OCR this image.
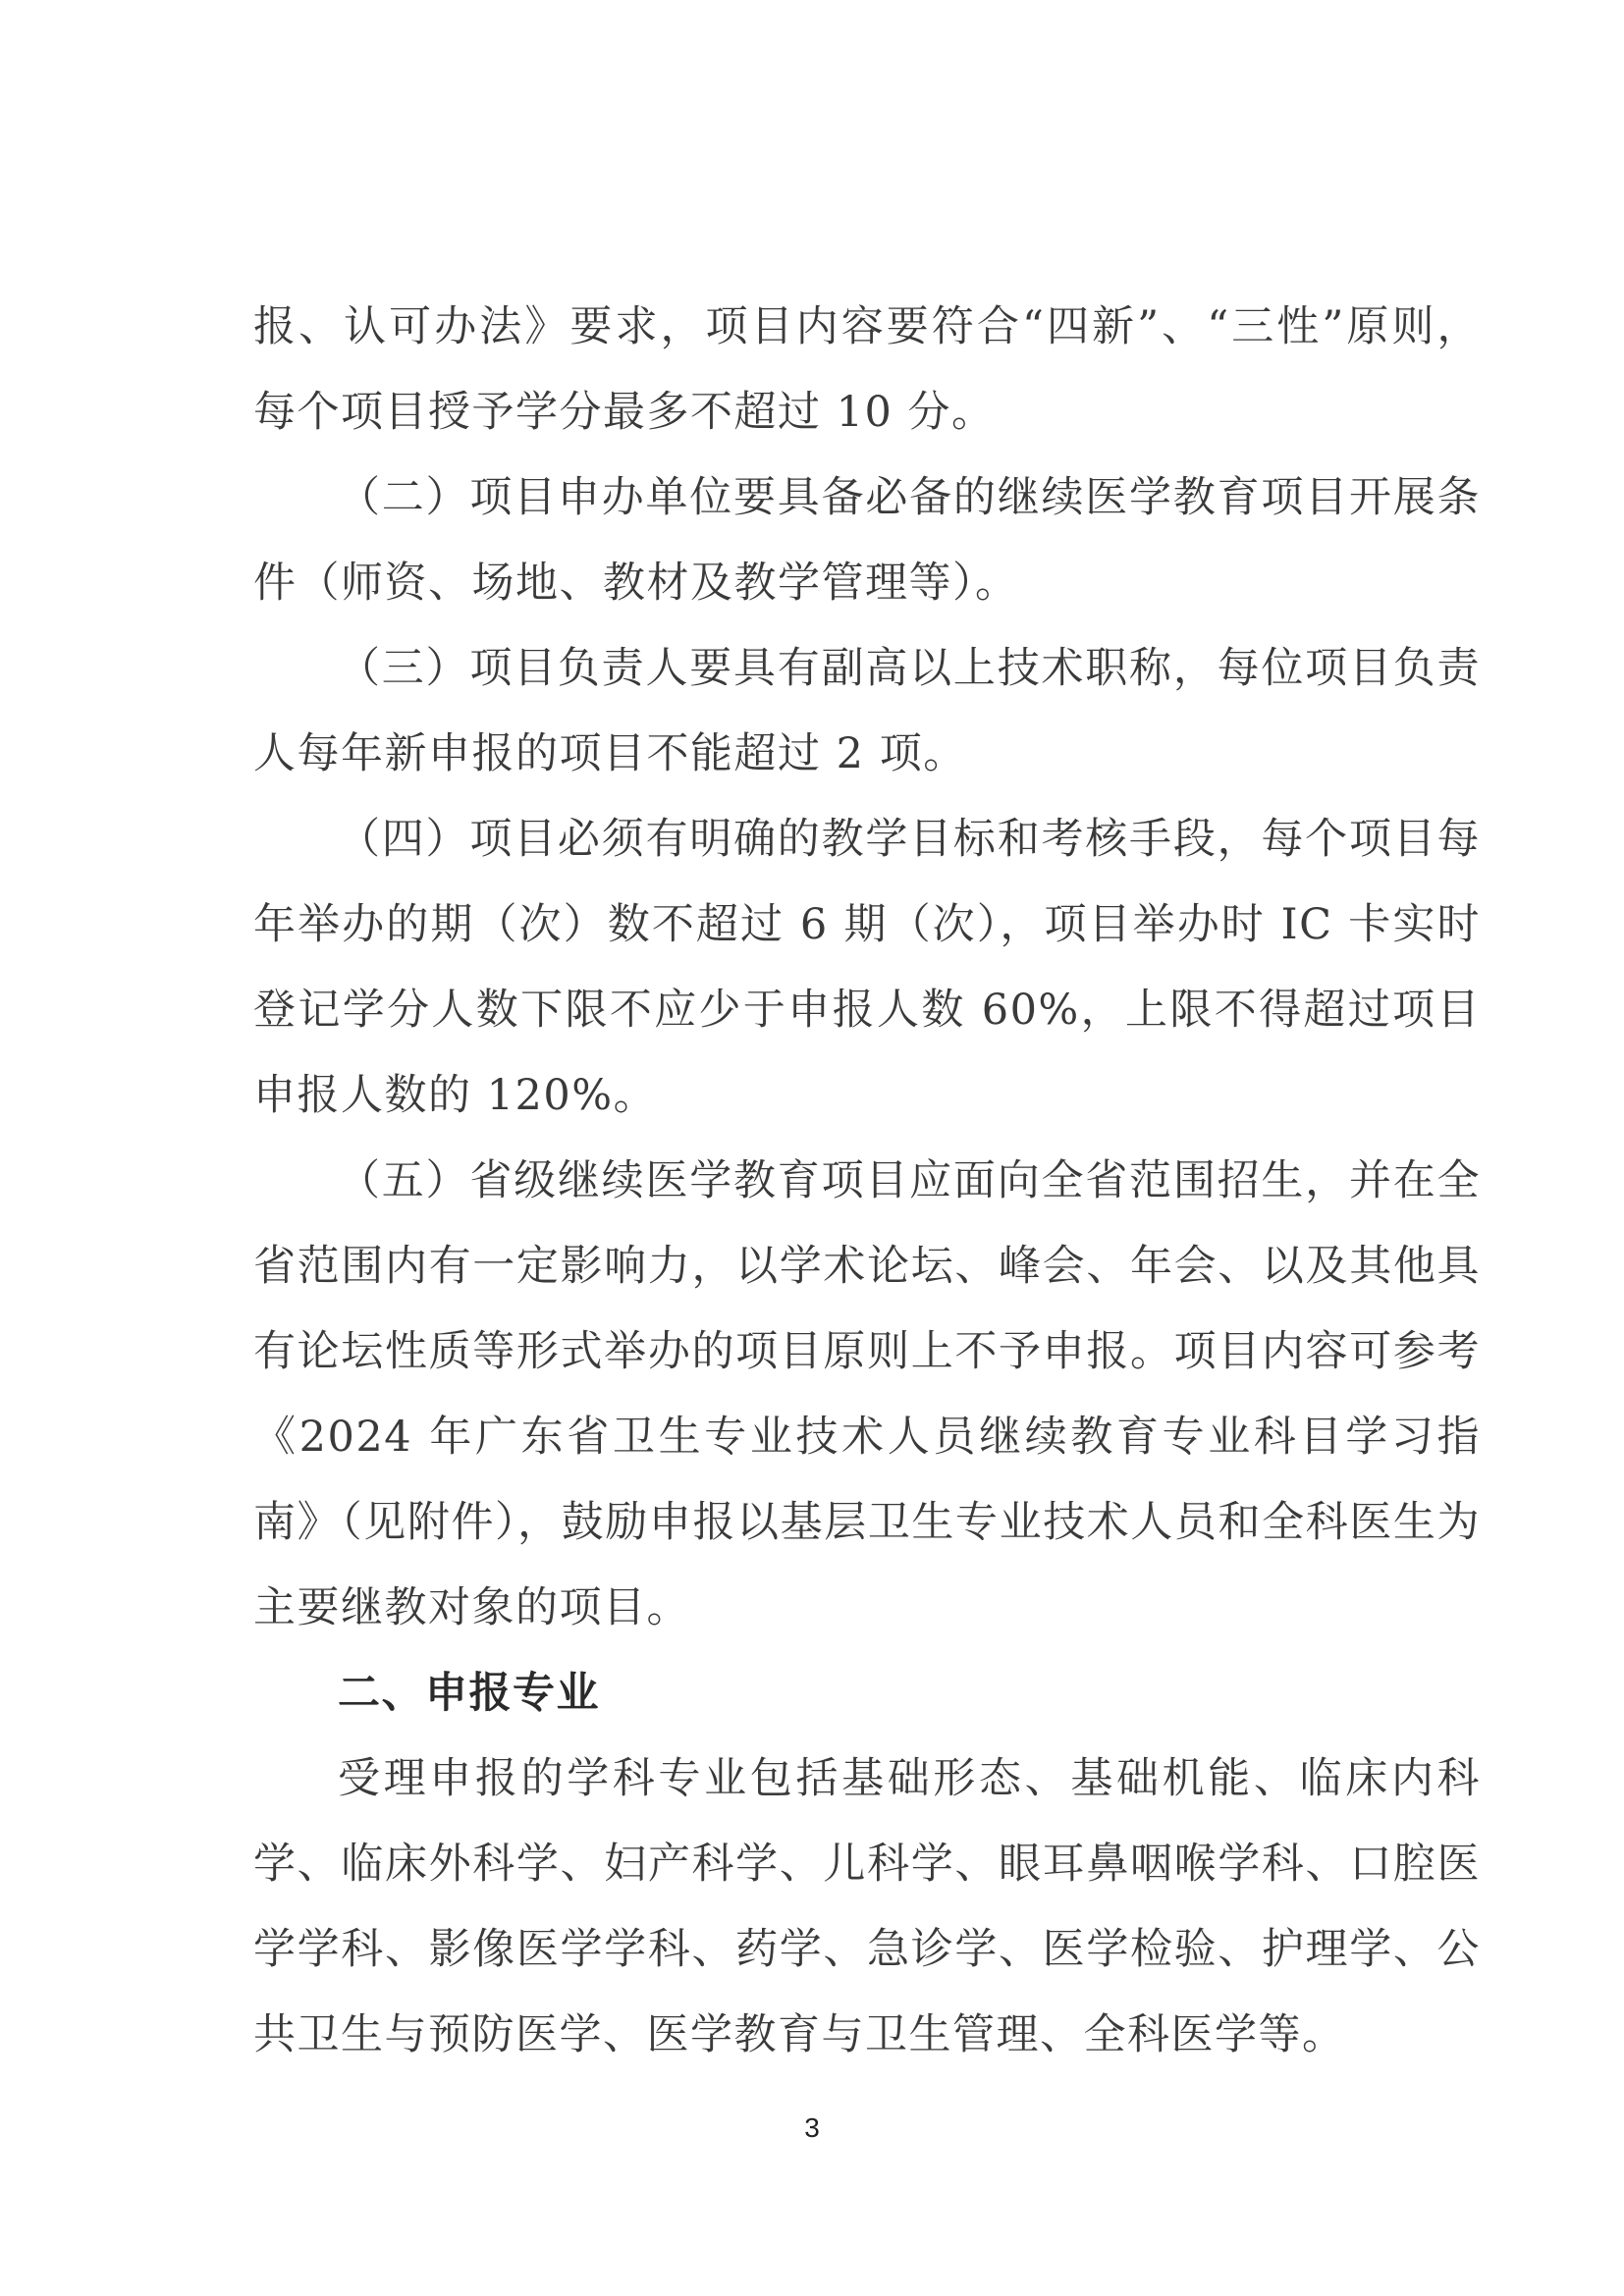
报、认可办法》要求，项目内容要符合“四新”、“三性”原则，每个项目授予学分最多不超过 10 分。

（二）项目申办单位要具备必备的继续医学教育项目开展条件（师资、场地、教材及教学管理等）。

（三）项目负责人要具有副高以上技术职称，每位项目负责人每年新申报的项目不能超过 2 项。

（四）项目必须有明确的教学目标和考核手段，每个项目每年举办的期（次）数不超过 6 期（次），项目举办时 IC 卡实时登记学分人数下限不应少于申报人数 60%，上限不得超过项目申报人数的 120%。

（五）省级继续医学教育项目应面向全省范围招生，并在全省范围内有一定影响力，以学术论坛、峰会、年会、以及其他具有论坛性质等形式举办的项目原则上不予申报。项目内容可参考《2024 年广东省卫生专业技术人员继续教育专业科目学习指南》（见附件），鼓励申报以基层卫生专业技术人员和全科医生为主要继教对象的项目。

二、申报专业

受理申报的学科专业包括基础形态、基础机能、临床内科学、临床外科学、妇产科学、儿科学、眼耳鼻咽喉学科、口腔医学学科、影像医学学科、药学、急诊学、医学检验、护理学、公共卫生与预防医学、医学教育与卫生管理、全科医学等。

3
